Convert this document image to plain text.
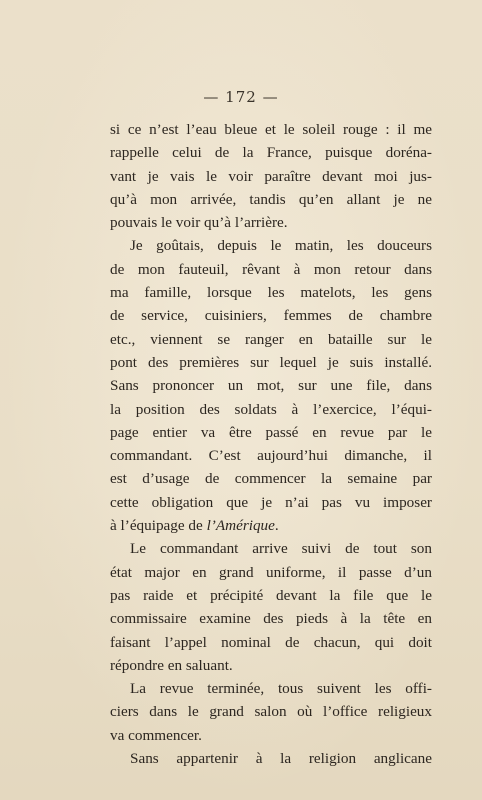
— 172 —
si ce n’est l’eau bleue et le soleil rouge : il me
rappelle celui de la France, puisque doréna-
vant je vais le voir paraître devant moi jus-
qu’à mon arrivée, tandis qu’en allant je ne
pouvais le voir qu’à l’arrière.
Je goûtais, depuis le matin, les douceurs
de mon fauteuil, rêvant à mon retour dans
ma famille, lorsque les matelots, les gens
de service, cuisiniers, femmes de chambre
etc., viennent se ranger en bataille sur le
pont des premières sur lequel je suis installé.
Sans prononcer un mot, sur une file, dans
la position des soldats à l’exercice, l’équi-
page entier va être passé en revue par le
commandant. C’est aujourd’hui dimanche, il
est d’usage de commencer la semaine par
cette obligation que je n’ai pas vu imposer
à l’équipage de l’Amérique.
Le commandant arrive suivi de tout son
état major en grand uniforme, il passe d’un
pas raide et précipité devant la file que le
commissaire examine des pieds à la tête en
faisant l’appel nominal de chacun, qui doit
répondre en saluant.
La revue terminée, tous suivent les offi-
ciers dans le grand salon où l’office religieux
va commencer.
Sans appartenir à la religion anglicane
